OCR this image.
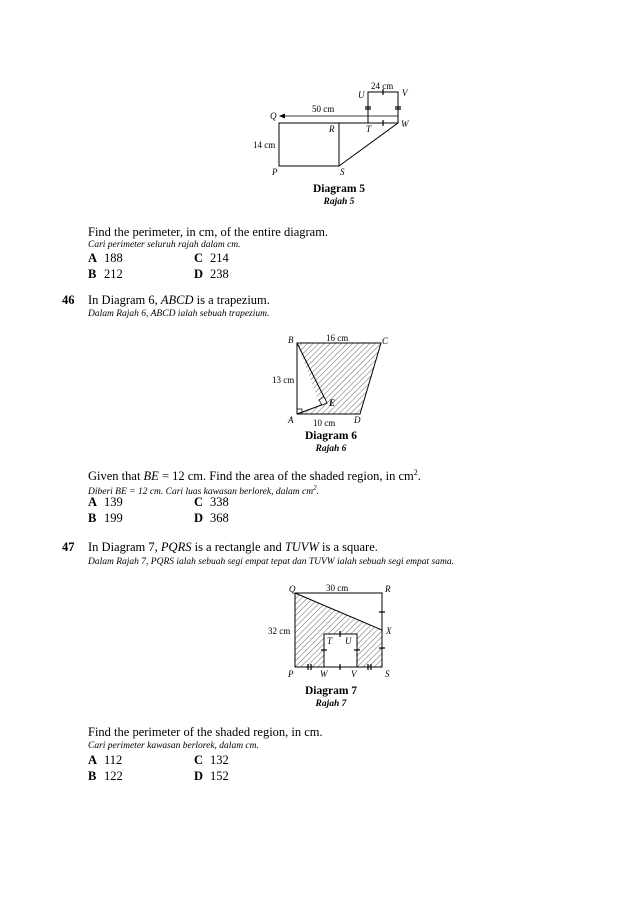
24 cm
U	V
50 cm
Q
R	T	W
14 cm
P	S
Diagram 5
Rajah 5
Find the perimeter, in cm, of the entire diagram.
Cari perimeter seluruh rajah dalam cm.
A 188	C 214
B 212	D 238
46 In Diagram 6, ABCD is a trapezium.
Dalam Rajah 6, ABCD ialah sebuah trapezium.
B	16 cm	C
13 cm
E
A 10 cm D
Diagram 6
Rajah 6
Given that BE = 12 cm. Find the area of the shaded region, in $cm^2$.
Diberi BE = 12 cm. Cari luas kawasan berlorek, dalam $cm^2$.
A 139	C 338
B 199	D 368
47 In Diagram 7, PQRS is a rectangle and TUVW is a square.
Dalam Rajah 7, PQRS ialah sebuah segi empat tepat dan TUVW ialah sebuah segi empat sama.
Q	30 cm	R
32 cm	X
T U
P	W	V	S
Diagram 7
Rajah 7
Find the perimeter of the shaded region, in cm.
Cari perimeter kawasan berlorek, dalam cm.
A 112	C 132
B 122	D 152
